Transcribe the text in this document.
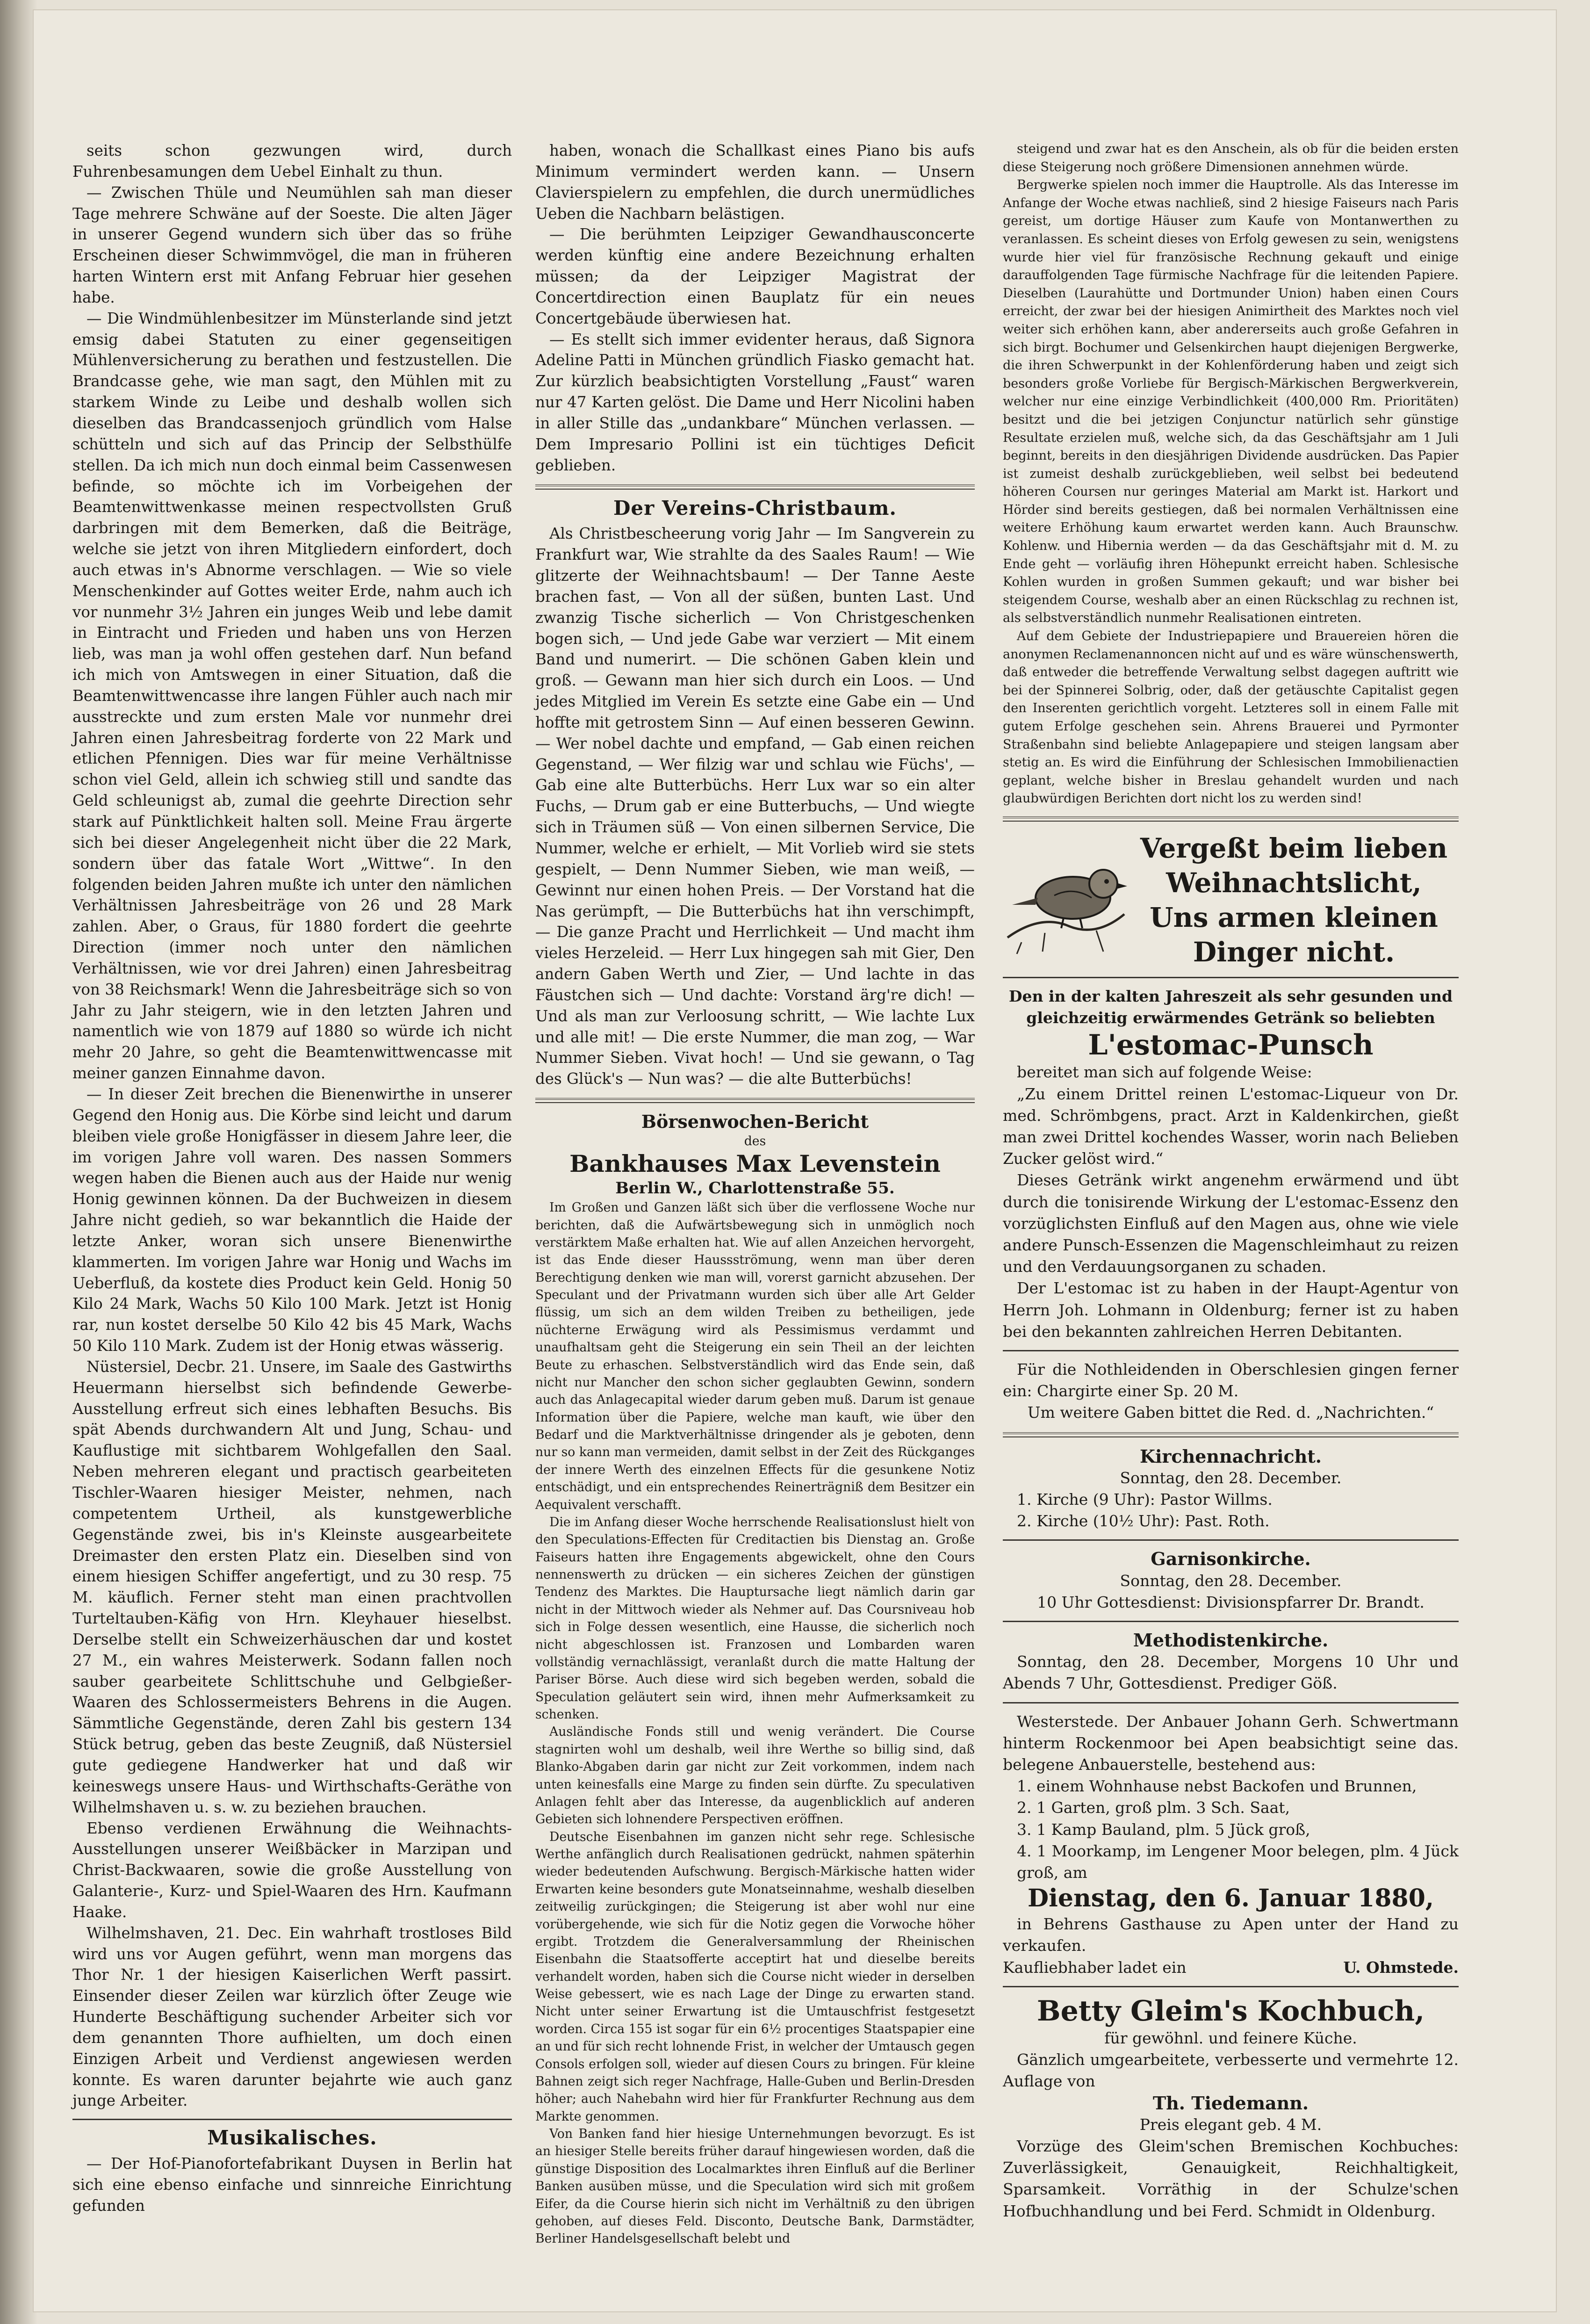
seits schon gezwungen wird, durch Fuhrenbesamungen dem Uebel Einhalt zu thun.

— Zwischen Thüle und Neumühlen sah man dieser Tage mehrere Schwäne auf der Soeste. Die alten Jäger in unserer Gegend wundern sich über das so frühe Erscheinen dieser Schwimmvögel, die man in früheren harten Wintern erst mit Anfang Februar hier gesehen habe.

— Die Windmühlenbesitzer im Münsterlande sind jetzt emsig dabei Statuten zu einer gegenseitigen Mühlenversicherung zu berathen und festzustellen. Die Brandcasse gehe, wie man sagt, den Mühlen mit zu starkem Winde zu Leibe und deshalb wollen sich dieselben das Brandcassenjoch gründlich vom Halse schütteln und sich auf das Princip der Selbsthülfe stellen. Da ich mich nun doch einmal beim Cassenwesen befinde, so möchte ich im Vorbeigehen der Beamtenwittwenkasse meinen respectvollsten Gruß darbringen mit dem Bemerken, daß die Beiträge, welche sie jetzt von ihren Mitgliedern einfordert, doch auch etwas in's Abnorme verschlagen. — Wie so viele Menschenkinder auf Gottes weiter Erde, nahm auch ich vor nunmehr 3½ Jahren ein junges Weib und lebe damit in Eintracht und Frieden und haben uns von Herzen lieb, was man ja wohl offen gestehen darf. Nun befand ich mich von Amtswegen in einer Situation, daß die Beamtenwittwencasse ihre langen Fühler auch nach mir ausstreckte und zum ersten Male vor nunmehr drei Jahren einen Jahresbeitrag forderte von 22 Mark und etlichen Pfennigen. Dies war für meine Verhältnisse schon viel Geld, allein ich schwieg still und sandte das Geld schleunigst ab, zumal die geehrte Direction sehr stark auf Pünktlichkeit halten soll. Meine Frau ärgerte sich bei dieser Angelegenheit nicht über die 22 Mark, sondern über das fatale Wort „Wittwe“. In den folgenden beiden Jahren mußte ich unter den nämlichen Verhältnissen Jahresbeiträge von 26 und 28 Mark zahlen. Aber, o Graus, für 1880 fordert die geehrte Direction (immer noch unter den nämlichen Verhältnissen, wie vor drei Jahren) einen Jahresbeitrag von 38 Reichsmark! Wenn die Jahresbeiträge sich so von Jahr zu Jahr steigern, wie in den letzten Jahren und namentlich wie von 1879 auf 1880 so würde ich nicht mehr 20 Jahre, so geht die Beamtenwittwencasse mit meiner ganzen Einnahme davon.

— In dieser Zeit brechen die Bienenwirthe in unserer Gegend den Honig aus. Die Körbe sind leicht und darum bleiben viele große Honigfässer in diesem Jahre leer, die im vorigen Jahre voll waren. Des nassen Sommers wegen haben die Bienen auch aus der Haide nur wenig Honig gewinnen können. Da der Buchweizen in diesem Jahre nicht gedieh, so war bekanntlich die Haide der letzte Anker, woran sich unsere Bienenwirthe klammerten. Im vorigen Jahre war Honig und Wachs im Ueberfluß, da kostete dies Product kein Geld. Honig 50 Kilo 24 Mark, Wachs 50 Kilo 100 Mark. Jetzt ist Honig rar, nun kostet derselbe 50 Kilo 42 bis 45 Mark, Wachs 50 Kilo 110 Mark. Zudem ist der Honig etwas wässerig.

Nüstersiel, Decbr. 21. Unsere, im Saale des Gastwirths Heuermann hierselbst sich befindende Gewerbe-Ausstellung erfreut sich eines lebhaften Besuchs. Bis spät Abends durchwandern Alt und Jung, Schau- und Kauflustige mit sichtbarem Wohlgefallen den Saal. Neben mehreren elegant und practisch gearbeiteten Tischler-Waaren hiesiger Meister, nehmen, nach competentem Urtheil, als kunstgewerbliche Gegenstände zwei, bis in's Kleinste ausgearbeitete Dreimaster den ersten Platz ein. Dieselben sind von einem hiesigen Schiffer angefertigt, und zu 30 resp. 75 M. käuflich. Ferner steht man einen prachtvollen Turteltauben-Käfig von Hrn. Kleyhauer hieselbst. Derselbe stellt ein Schweizerhäuschen dar und kostet 27 M., ein wahres Meisterwerk. Sodann fallen noch sauber gearbeitete Schlittschuhe und Gelbgießer-Waaren des Schlossermeisters Behrens in die Augen. Sämmtliche Gegenstände, deren Zahl bis gestern 134 Stück betrug, geben das beste Zeugniß, daß Nüstersiel gute gediegene Handwerker hat und daß wir keineswegs unsere Haus- und Wirthschafts-Geräthe von Wilhelmshaven u. s. w. zu beziehen brauchen.

Ebenso verdienen Erwähnung die Weihnachts-Ausstellungen unserer Weißbäcker in Marzipan und Christ-Backwaaren, sowie die große Ausstellung von Galanterie-, Kurz- und Spiel-Waaren des Hrn. Kaufmann Haake.

Wilhelmshaven, 21. Dec. Ein wahrhaft trostloses Bild wird uns vor Augen geführt, wenn man morgens das Thor Nr. 1 der hiesigen Kaiserlichen Werft passirt. Einsender dieser Zeilen war kürzlich öfter Zeuge wie Hunderte Beschäftigung suchender Arbeiter sich vor dem genannten Thore aufhielten, um doch einen Einzigen Arbeit und Verdienst angewiesen werden konnte. Es waren darunter bejahrte wie auch ganz junge Arbeiter.

Musikalisches.

— Der Hof-Pianofortefabrikant Duysen in Berlin hat sich eine ebenso einfache und sinnreiche Einrichtung gefunden

haben, wonach die Schallkast eines Piano bis aufs Minimum vermindert werden kann. — Unsern Clavierspielern zu empfehlen, die durch unermüdliches Ueben die Nachbarn belästigen.

— Die berühmten Leipziger Gewandhausconcerte werden künftig eine andere Bezeichnung erhalten müssen; da der Leipziger Magistrat der Concertdirection einen Bauplatz für ein neues Concertgebäude überwiesen hat.

— Es stellt sich immer evidenter heraus, daß Signora Adeline Patti in München gründlich Fiasko gemacht hat. Zur kürzlich beabsichtigten Vorstellung „Faust“ waren nur 47 Karten gelöst. Die Dame und Herr Nicolini haben in aller Stille das „undankbare“ München verlassen. — Dem Impresario Pollini ist ein tüchtiges Deficit geblieben.

Der Vereins-Christbaum.

Als Christbescheerung vorig Jahr — Im Sangverein zu Frankfurt war, Wie strahlte da des Saales Raum! — Wie glitzerte der Weihnachtsbaum! — Der Tanne Aeste brachen fast, — Von all der süßen, bunten Last. Und zwanzig Tische sicherlich — Von Christgeschenken bogen sich, — Und jede Gabe war verziert — Mit einem Band und numerirt. — Die schönen Gaben klein und groß. — Gewann man hier sich durch ein Loos. — Und jedes Mitglied im Verein Es setzte eine Gabe ein — Und hoffte mit getrostem Sinn — Auf einen besseren Gewinn. — Wer nobel dachte und empfand, — Gab einen reichen Gegenstand, — Wer filzig war und schlau wie Füchs', — Gab eine alte Butterbüchs. Herr Lux war so ein alter Fuchs, — Drum gab er eine Butterbuchs, — Und wiegte sich in Träumen süß — Von einen silbernen Service, Die Nummer, welche er erhielt, — Mit Vorlieb wird sie stets gespielt, — Denn Nummer Sieben, wie man weiß, — Gewinnt nur einen hohen Preis. — Der Vorstand hat die Nas gerümpft, — Die Butterbüchs hat ihn verschimpft, — Die ganze Pracht und Herrlichkeit — Und macht ihm vieles Herzeleid. — Herr Lux hingegen sah mit Gier, Den andern Gaben Werth und Zier, — Und lachte in das Fäustchen sich — Und dachte: Vorstand ärg're dich! — Und als man zur Verloosung schritt, — Wie lachte Lux und alle mit! — Die erste Nummer, die man zog, — War Nummer Sieben. Vivat hoch! — Und sie gewann, o Tag des Glück's — Nun was? — die alte Butterbüchs!

Börsenwochen-Bericht
des
Bankhauses Max Levenstein
Berlin W., Charlottenstraße 55.

Im Großen und Ganzen läßt sich über die verflossene Woche nur berichten, daß die Aufwärtsbewegung sich in unmöglich noch verstärktem Maße erhalten hat. Wie auf allen Anzeichen hervorgeht, ist das Ende dieser Haussströmung, wenn man über deren Berechtigung denken wie man will, vorerst garnicht abzusehen. Der Speculant und der Privatmann wurden sich über alle Art Gelder flüssig, um sich an dem wilden Treiben zu betheiligen, jede nüchterne Erwägung wird als Pessimismus verdammt und unaufhaltsam geht die Steigerung ein sein Theil an der leichten Beute zu erhaschen. Selbstverständlich wird das Ende sein, daß nicht nur Mancher den schon sicher geglaubten Gewinn, sondern auch das Anlagecapital wieder darum geben muß. Darum ist genaue Information über die Papiere, welche man kauft, wie über den Bedarf und die Marktverhältnisse dringender als je geboten, denn nur so kann man vermeiden, damit selbst in der Zeit des Rückganges der innere Werth des einzelnen Effects für die gesunkene Notiz entschädigt, und ein entsprechendes Reinerträgniß dem Besitzer ein Aequivalent verschafft.

Die im Anfang dieser Woche herrschende Realisationslust hielt von den Speculations-Effecten für Creditactien bis Dienstag an. Große Faiseurs hatten ihre Engagements abgewickelt, ohne den Cours nennenswerth zu drücken — ein sicheres Zeichen der günstigen Tendenz des Marktes. Die Hauptursache liegt nämlich darin gar nicht in der Mittwoch wieder als Nehmer auf. Das Coursniveau hob sich in Folge dessen wesentlich, eine Hausse, die sicherlich noch nicht abgeschlossen ist. Franzosen und Lombarden waren vollständig vernachlässigt, veranlaßt durch die matte Haltung der Pariser Börse. Auch diese wird sich begeben werden, sobald die Speculation geläutert sein wird, ihnen mehr Aufmerksamkeit zu schenken.

Ausländische Fonds still und wenig verändert. Die Course stagnirten wohl um deshalb, weil ihre Werthe so billig sind, daß Blanko-Abgaben darin gar nicht zur Zeit vorkommen, indem nach unten keinesfalls eine Marge zu finden sein dürfte. Zu speculativen Anlagen fehlt aber das Interesse, da augenblicklich auf anderen Gebieten sich lohnendere Perspectiven eröffnen.

Deutsche Eisenbahnen im ganzen nicht sehr rege. Schlesische Werthe anfänglich durch Realisationen gedrückt, nahmen späterhin wieder bedeutenden Aufschwung. Bergisch-Märkische hatten wider Erwarten keine besonders gute Monatseinnahme, weshalb dieselben zeitweilig zurückgingen; die Steigerung ist aber wohl nur eine vorübergehende, wie sich für die Notiz gegen die Vorwoche höher ergibt. Trotzdem die Generalversammlung der Rheinischen Eisenbahn die Staatsofferte acceptirt hat und dieselbe bereits verhandelt worden, haben sich die Course nicht wieder in derselben Weise gebessert, wie es nach Lage der Dinge zu erwarten stand. Nicht unter seiner Erwartung ist die Umtauschfrist festgesetzt worden. Circa 155 ist sogar für ein 6½ procentiges Staatspapier eine an und für sich recht lohnende Frist, in welcher der Umtausch gegen Consols erfolgen soll, wieder auf diesen Cours zu bringen. Für kleine Bahnen zeigt sich reger Nachfrage, Halle-Guben und Berlin-Dresden höher; auch Nahebahn wird hier für Frankfurter Rechnung aus dem Markte genommen.

Von Banken fand hier hiesige Unternehmungen bevorzugt. Es ist an hiesiger Stelle bereits früher darauf hingewiesen worden, daß die günstige Disposition des Localmarktes ihren Einfluß auf die Berliner Banken ausüben müsse, und die Speculation wird sich mit großem Eifer, da die Course hierin sich nicht im Verhältniß zu den übrigen gehoben, auf dieses Feld. Disconto, Deutsche Bank, Darmstädter, Berliner Handelsgesellschaft belebt und

steigend und zwar hat es den Anschein, als ob für die beiden ersten diese Steigerung noch größere Dimensionen annehmen würde.

Bergwerke spielen noch immer die Hauptrolle. Als das Interesse im Anfange der Woche etwas nachließ, sind 2 hiesige Faiseurs nach Paris gereist, um dortige Häuser zum Kaufe von Montanwerthen zu veranlassen. Es scheint dieses von Erfolg gewesen zu sein, wenigstens wurde hier viel für französische Rechnung gekauft und einige darauffolgenden Tage fürmische Nachfrage für die leitenden Papiere. Dieselben (Laurahütte und Dortmunder Union) haben einen Cours erreicht, der zwar bei der hiesigen Animirtheit des Marktes noch viel weiter sich erhöhen kann, aber andererseits auch große Gefahren in sich birgt. Bochumer und Gelsenkirchen haupt diejenigen Bergwerke, die ihren Schwerpunkt in der Kohlenförderung haben und zeigt sich besonders große Vorliebe für Bergisch-Märkischen Bergwerkverein, welcher nur eine einzige Verbindlichkeit (400,000 Rm. Prioritäten) besitzt und die bei jetzigen Conjunctur natürlich sehr günstige Resultate erzielen muß, welche sich, da das Geschäftsjahr am 1 Juli beginnt, bereits in den diesjährigen Dividende ausdrücken. Das Papier ist zumeist deshalb zurückgeblieben, weil selbst bei bedeutend höheren Coursen nur geringes Material am Markt ist. Harkort und Hörder sind bereits gestiegen, daß bei normalen Verhältnissen eine weitere Erhöhung kaum erwartet werden kann. Auch Braunschw. Kohlenw. und Hibernia werden — da das Geschäftsjahr mit d. M. zu Ende geht — vorläufig ihren Höhepunkt erreicht haben. Schlesische Kohlen wurden in großen Summen gekauft; und war bisher bei steigendem Course, weshalb aber an einen Rückschlag zu rechnen ist, als selbstverständlich nunmehr Realisationen eintreten.

Auf dem Gebiete der Industriepapiere und Brauereien hören die anonymen Reclamenannoncen nicht auf und es wäre wünschenswerth, daß entweder die betreffende Verwaltung selbst dagegen auftritt wie bei der Spinnerei Solbrig, oder, daß der getäuschte Capitalist gegen den Inserenten gerichtlich vorgeht. Letzteres soll in einem Falle mit gutem Erfolge geschehen sein. Ahrens Brauerei und Pyrmonter Straßenbahn sind beliebte Anlagepapiere und steigen langsam aber stetig an. Es wird die Einführung der Schlesischen Immobilienactien geplant, welche bisher in Breslau gehandelt wurden und nach glaubwürdigen Berichten dort nicht los zu werden sind!

Vergeßt beim lieben
Weihnachtslicht,
Uns armen kleinen
Dinger nicht.

Den in der kalten Jahreszeit als sehr gesunden und gleichzeitig erwärmendes Getränk so beliebten

L'estomac-Punsch

bereitet man sich auf folgende Weise:

„Zu einem Drittel reinen L'estomac-Liqueur von Dr. med. Schrömbgens, pract. Arzt in Kaldenkirchen, gießt man zwei Drittel kochendes Wasser, worin nach Belieben Zucker gelöst wird.“

Dieses Getränk wirkt angenehm erwärmend und übt durch die tonisirende Wirkung der L'estomac-Essenz den vorzüglichsten Einfluß auf den Magen aus, ohne wie viele andere Punsch-Essenzen die Magenschleimhaut zu reizen und den Verdauungsorganen zu schaden.

Der L'estomac ist zu haben in der Haupt-Agentur von Herrn Joh. Lohmann in Oldenburg; ferner ist zu haben bei den bekannten zahlreichen Herren Debitanten.

Für die Nothleidenden in Oberschlesien gingen ferner ein: Chargirte einer Sp. 20 M.

Um weitere Gaben bittet die Red. d. „Nachrichten.“

Kirchennachricht.
Sonntag, den 28. December.
1. Kirche (9 Uhr): Pastor Willms.
2. Kirche (10½ Uhr): Past. Roth.
Garnisonkirche.
Sonntag, den 28. December.
10 Uhr Gottesdienst: Divisionspfarrer Dr. Brandt.
Methodistenkirche.

Sonntag, den 28. December, Morgens 10 Uhr und Abends 7 Uhr, Gottesdienst. Prediger Göß.

Westerstede. Der Anbauer Johann Gerh. Schwertmann hinterm Rockenmoor bei Apen beabsichtigt seine das. belegene Anbauerstelle, bestehend aus:

1. einem Wohnhause nebst Backofen und Brunnen,
2. 1 Garten, groß plm. 3 Sch. Saat,
3. 1 Kamp Bauland, plm. 5 Jück groß,
4. 1 Moorkamp, im Lengener Moor belegen, plm. 4 Jück groß, am
Dienstag, den 6. Januar 1880,

in Behrens Gasthause zu Apen unter der Hand zu verkaufen.

Kaufliebhaber ladet ein	U. Ohmstede.
Betty Gleim's Kochbuch,
für gewöhnl. und feinere Küche.

Gänzlich umgearbeitete, verbesserte und vermehrte 12. Auflage von

Th. Tiedemann.
Preis elegant geb. 4 M.

Vorzüge des Gleim'schen Bremischen Kochbuches: Zuverlässigkeit, Genauigkeit, Reichhaltigkeit, Sparsamkeit. Vorräthig in der Schulze'schen Hofbuchhandlung und bei Ferd. Schmidt in Oldenburg.
